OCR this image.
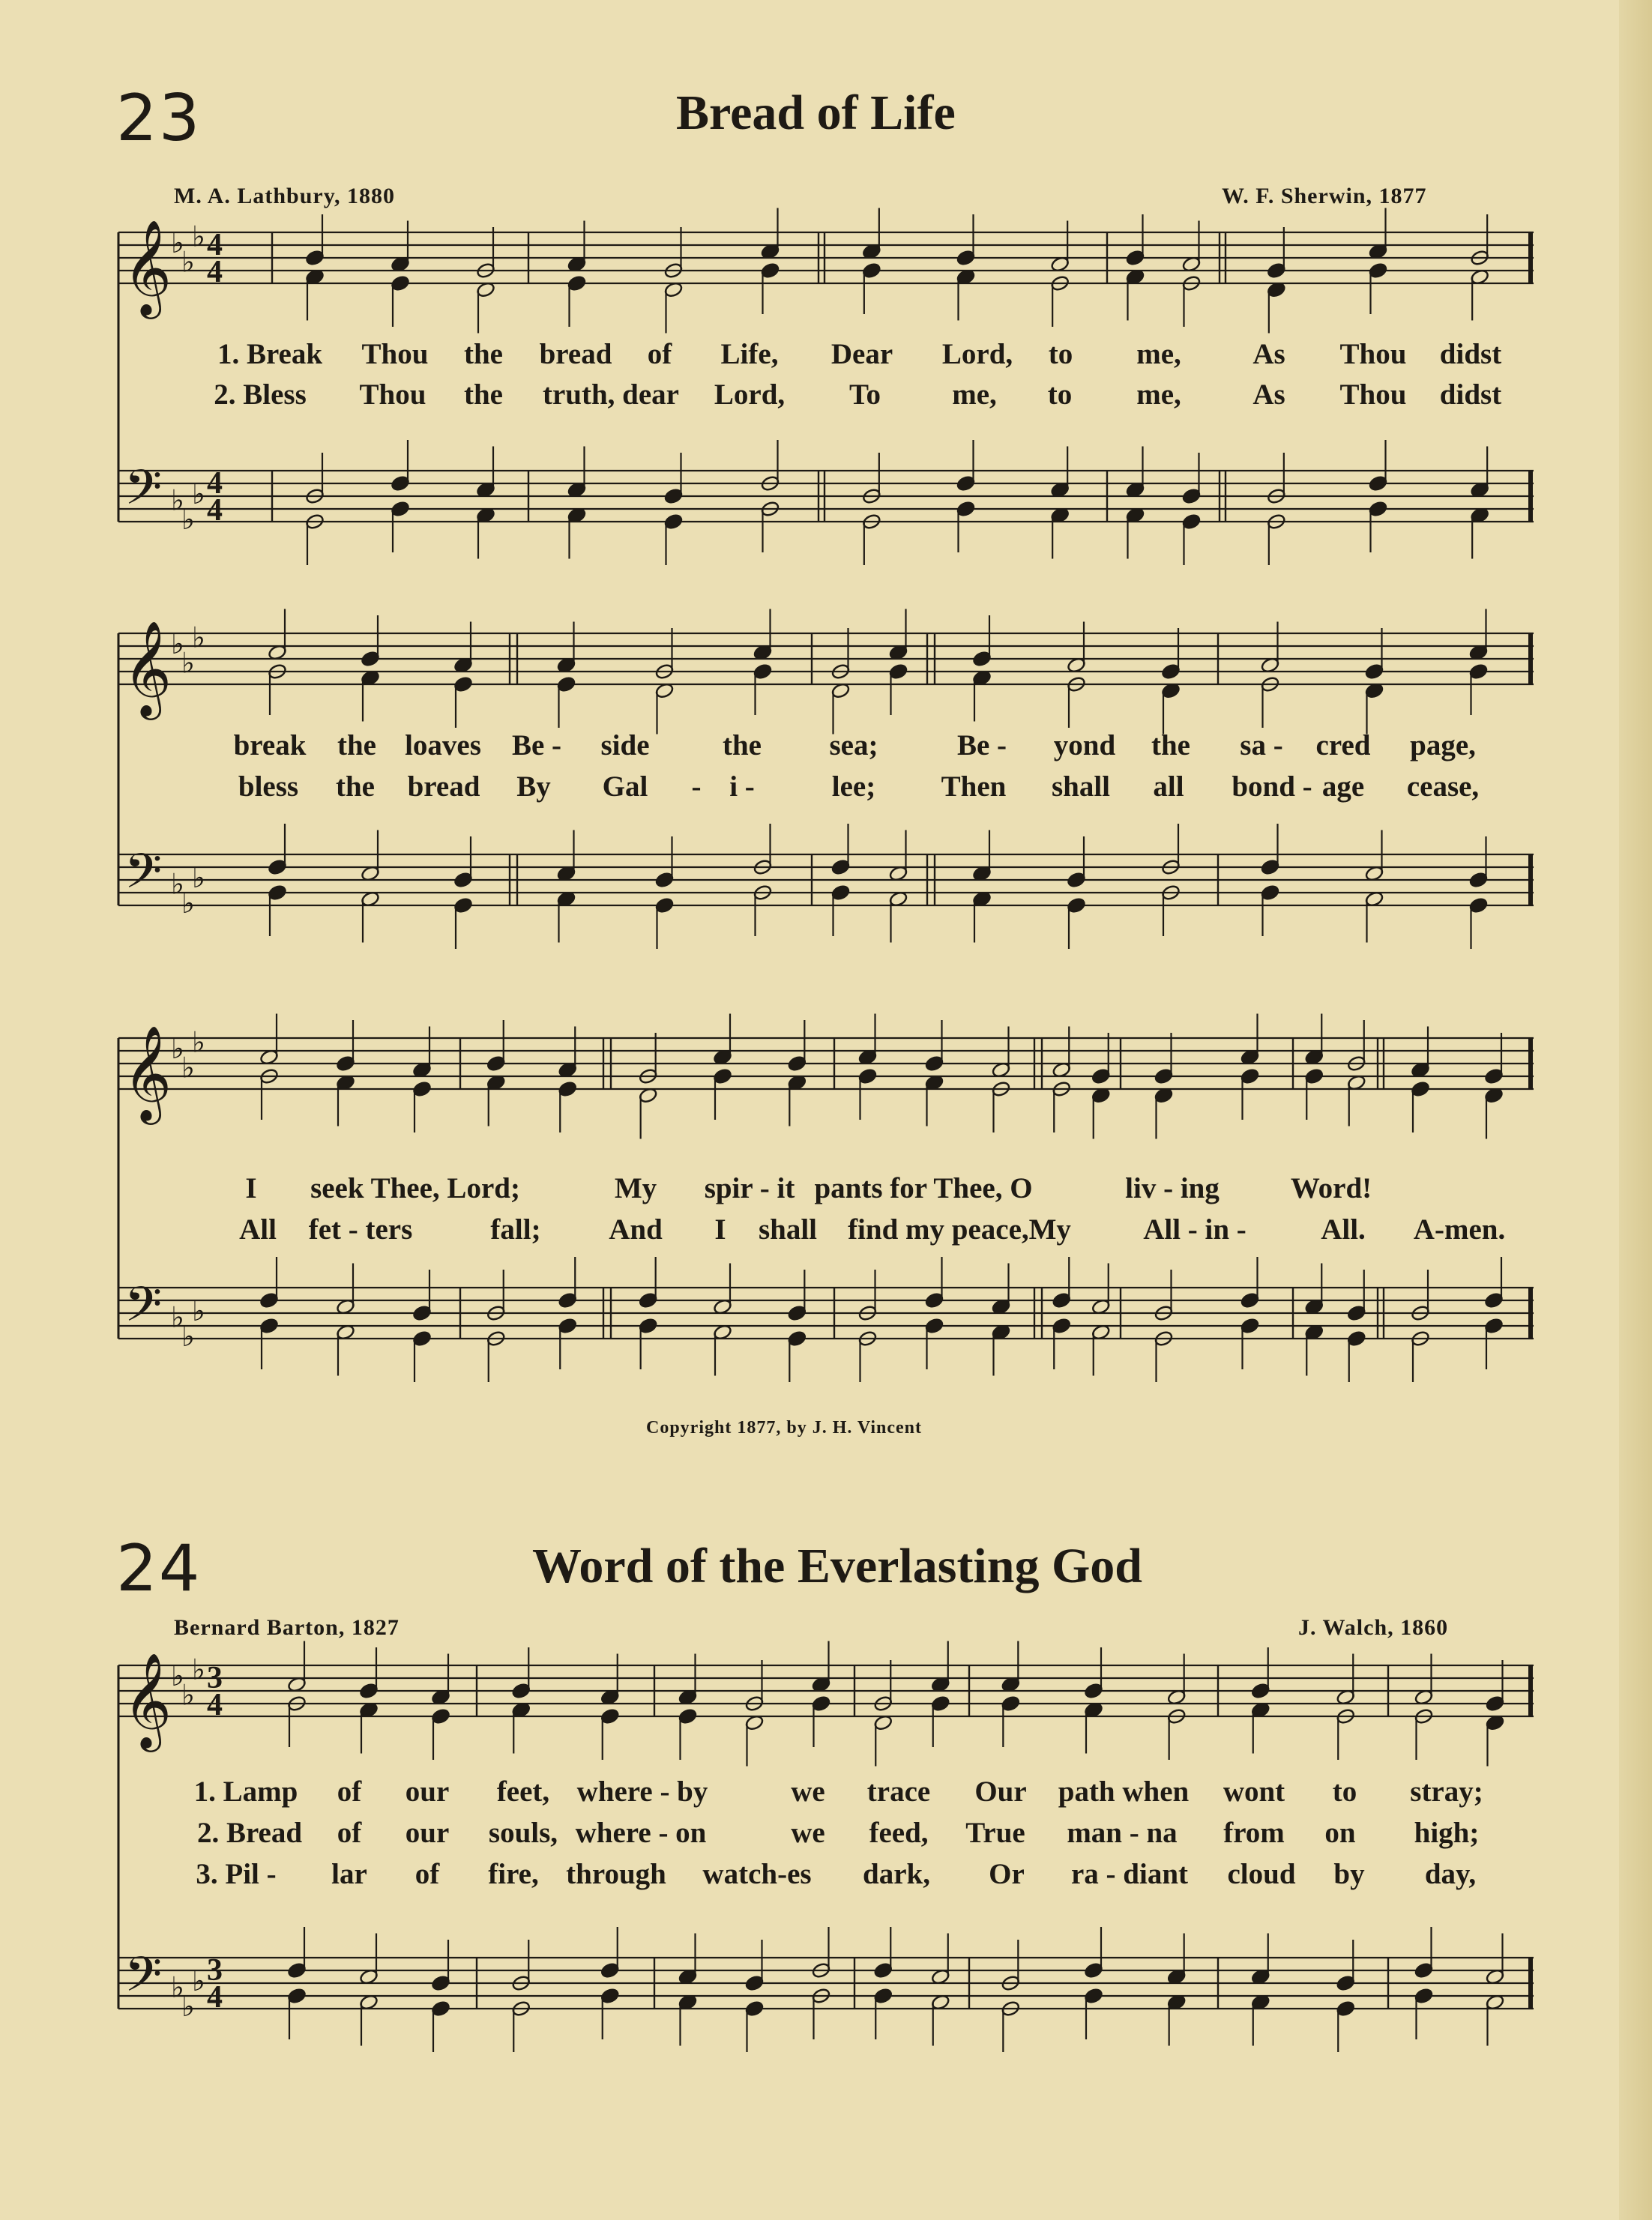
𝄞
𝄢
♭
♭
♭
♭
♭
♭
4
4
4
4
𝄞
𝄢
♭
♭
♭
♭
♭
♭
𝄞
𝄢
♭
♭
♭
♭
♭
♭
𝄞
𝄢
♭
♭
♭
♭
♭
♭
3
4
3
4
23	Bread of Life
M. A. Lathbury, 1880	W. F. Sherwin, 1877
1. Break Thou the bread of Life, Dear Lord, to me, As Thou didst
2. Bless Thou the truth, dear Lord, To me, to me, As Thou didst
break the loaves Be - side the sea;	Be - yond the sa - cred page,
bless the bread By Gal - i -	lee; Then shall all bond - age cease,
I seek Thee, Lord;	My spir - it pants for Thee, O	liv - ing Word!
All fet - ters	fall; And I shall find my peace,My All - in -	All. A-men.
Copyright 1877, by J. H. Vincent
24	Word of the Everlasting God
Bernard Barton, 1827	J. Walch, 1860
1. Lamp of our feet, where - by	we trace Our path when wont to stray;
2. Bread of our souls, where - on	we feed, True man - na from on high;
3. Pil - lar of fire, through watch-es dark, Or ra - diant cloud by day,
